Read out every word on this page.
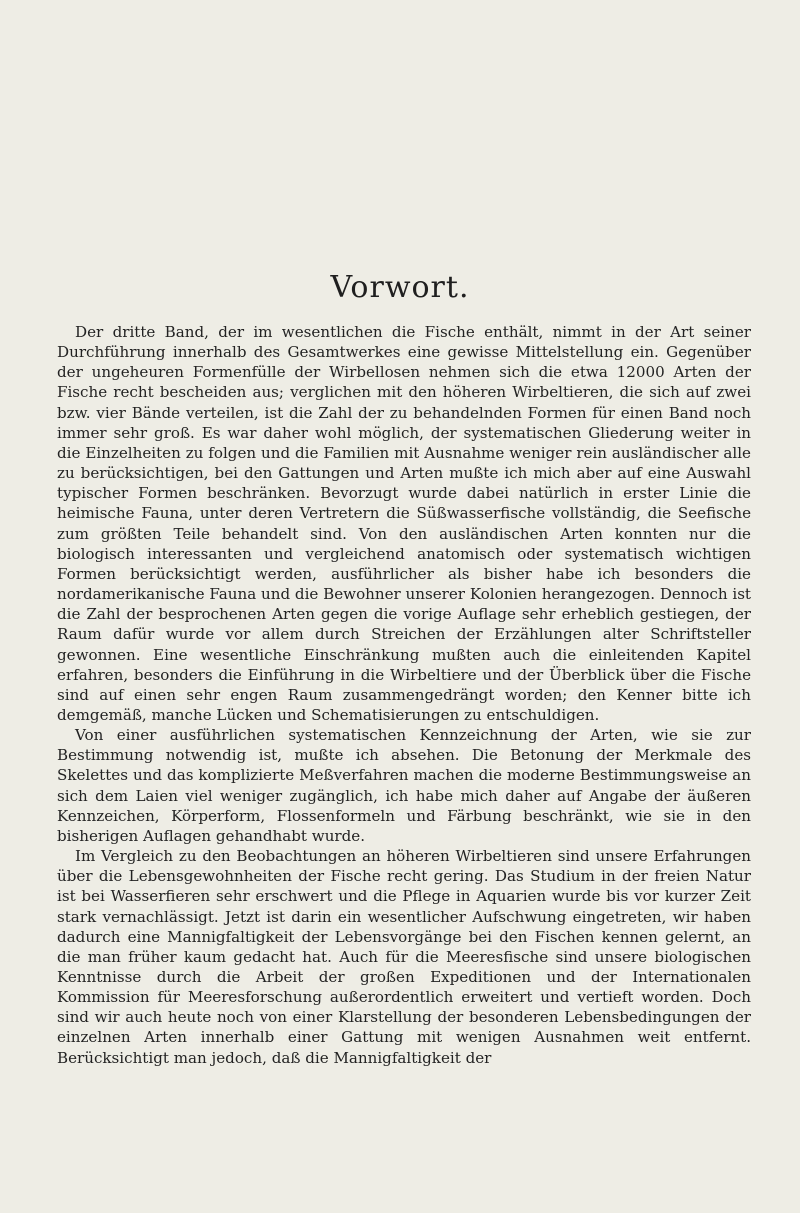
Vorwort.

Der dritte Band, der im wesentlichen die Fische enthält, nimmt in der Art seiner Durchführung innerhalb des Gesamtwerkes eine gewisse Mittelstellung ein. Gegenüber der ungeheuren Formenfülle der Wirbellosen nehmen sich die etwa 12000 Arten der Fische recht bescheiden aus; verglichen mit den höheren Wirbeltieren, die sich auf zwei bzw. vier Bände verteilen, ist die Zahl der zu behandelnden Formen für einen Band noch immer sehr groß. Es war daher wohl möglich, der systematischen Gliederung weiter in die Einzelheiten zu folgen und die Familien mit Ausnahme weniger rein ausländischer alle zu berücksichtigen, bei den Gattungen und Arten mußte ich mich aber auf eine Auswahl typischer Formen beschränken. Bevorzugt wurde dabei natürlich in erster Linie die heimische Fauna, unter deren Vertretern die Süßwasserfische vollständig, die Seefische zum größten Teile behandelt sind. Von den ausländischen Arten konnten nur die biologisch interessanten und vergleichend anatomisch oder systematisch wichtigen Formen berücksichtigt werden, ausführlicher als bisher habe ich besonders die nordamerikanische Fauna und die Bewohner unserer Kolonien herangezogen. Dennoch ist die Zahl der besprochenen Arten gegen die vorige Auflage sehr erheblich gestiegen, der Raum dafür wurde vor allem durch Streichen der Erzählungen alter Schriftsteller gewonnen. Eine wesentliche Einschränkung mußten auch die einleitenden Kapitel erfahren, besonders die Einführung in die Wirbeltiere und der Überblick über die Fische sind auf einen sehr engen Raum zusammengedrängt worden; den Kenner bitte ich demgemäß, manche Lücken und Schematisierungen zu entschuldigen.

Von einer ausführlichen systematischen Kennzeichnung der Arten, wie sie zur Bestimmung notwendig ist, mußte ich absehen. Die Betonung der Merkmale des Skelettes und das komplizierte Meßverfahren machen die moderne Bestimmungsweise an sich dem Laien viel weniger zugänglich, ich habe mich daher auf Angabe der äußeren Kennzeichen, Körperform, Flossenformeln und Färbung beschränkt, wie sie in den bisherigen Auflagen gehandhabt wurde.

Im Vergleich zu den Beobachtungen an höheren Wirbeltieren sind unsere Erfahrungen über die Lebensgewohnheiten der Fische recht gering. Das Studium in der freien Natur ist bei Wasserfieren sehr erschwert und die Pflege in Aquarien wurde bis vor kurzer Zeit stark vernachlässigt. Jetzt ist darin ein wesentlicher Aufschwung eingetreten, wir haben dadurch eine Mannigfaltigkeit der Lebensvorgänge bei den Fischen kennen gelernt, an die man früher kaum gedacht hat. Auch für die Meeresfische sind unsere biologischen Kenntnisse durch die Arbeit der großen Expeditionen und der Internationalen Kommission für Meeresforschung außerordentlich erweitert und vertieft worden. Doch sind wir auch heute noch von einer Klarstellung der besonderen Lebensbedingungen der einzelnen Arten innerhalb einer Gattung mit wenigen Ausnahmen weit entfernt. Berücksichtigt man jedoch, daß die Mannigfaltigkeit der
